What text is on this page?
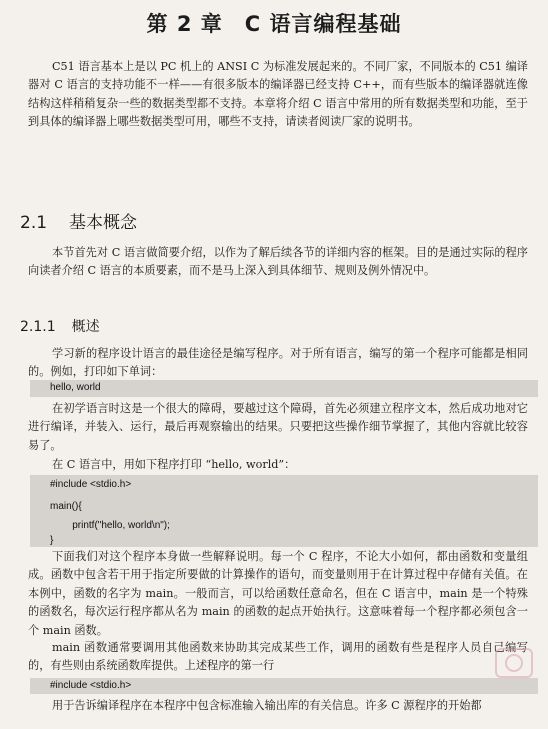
第 2 章　C 语言编程基础

C51 语言基本上是以 PC 机上的 ANSI C 为标准发展起来的。不同厂家，不同版本的 C51 编译器对 C 语言的支持功能不一样——有很多版本的编译器已经支持 C++，而有些版本的编译器就连像结构这样稍稍复杂一些的数据类型都不支持。本章将介绍 C 语言中常用的所有数据类型和功能，至于到具体的编译器上哪些数据类型可用，哪些不支持，请读者阅读厂家的说明书。

2.1 基本概念

本节首先对 C 语言做简要介绍，以作为了解后续各节的详细内容的框架。目的是通过实际的程序向读者介绍 C 语言的本质要素，而不是马上深入到具体细节、规则及例外情况中。

2.1.1 概述

学习新的程序设计语言的最佳途径是编写程序。对于所有语言，编写的第一个程序可能都是相同的。例如，打印如下单词：

hello, world

在初学语言时这是一个很大的障碍，要越过这个障碍，首先必须建立程序文本，然后成功地对它进行编译，并装入、运行，最后再观察输出的结果。只要把这些操作细节掌握了，其他内容就比较容易了。

在 C 语言中，用如下程序打印 “hello, world”：

#include <stdio.h>
main(){
printf("hello, world\n");
}

下面我们对这个程序本身做一些解释说明。每一个 C 程序，不论大小如何，都由函数和变量组成。函数中包含若干用于指定所要做的计算操作的语句，而变量则用于在计算过程中存储有关值。在本例中，函数的名字为 main。一般而言，可以给函数任意命名，但在 C 语言中，main 是一个特殊的函数名，每次运行程序都从名为 main 的函数的起点开始执行。这意味着每一个程序都必须包含一个 main 函数。

main 函数通常要调用其他函数来协助其完成某些工作，调用的函数有些是程序人员自己编写的，有些则由系统函数库提供。上述程序的第一行

#include <stdio.h>

用于告诉编译程序在本程序中包含标准输入输出库的有关信息。许多 C 源程序的开始都
